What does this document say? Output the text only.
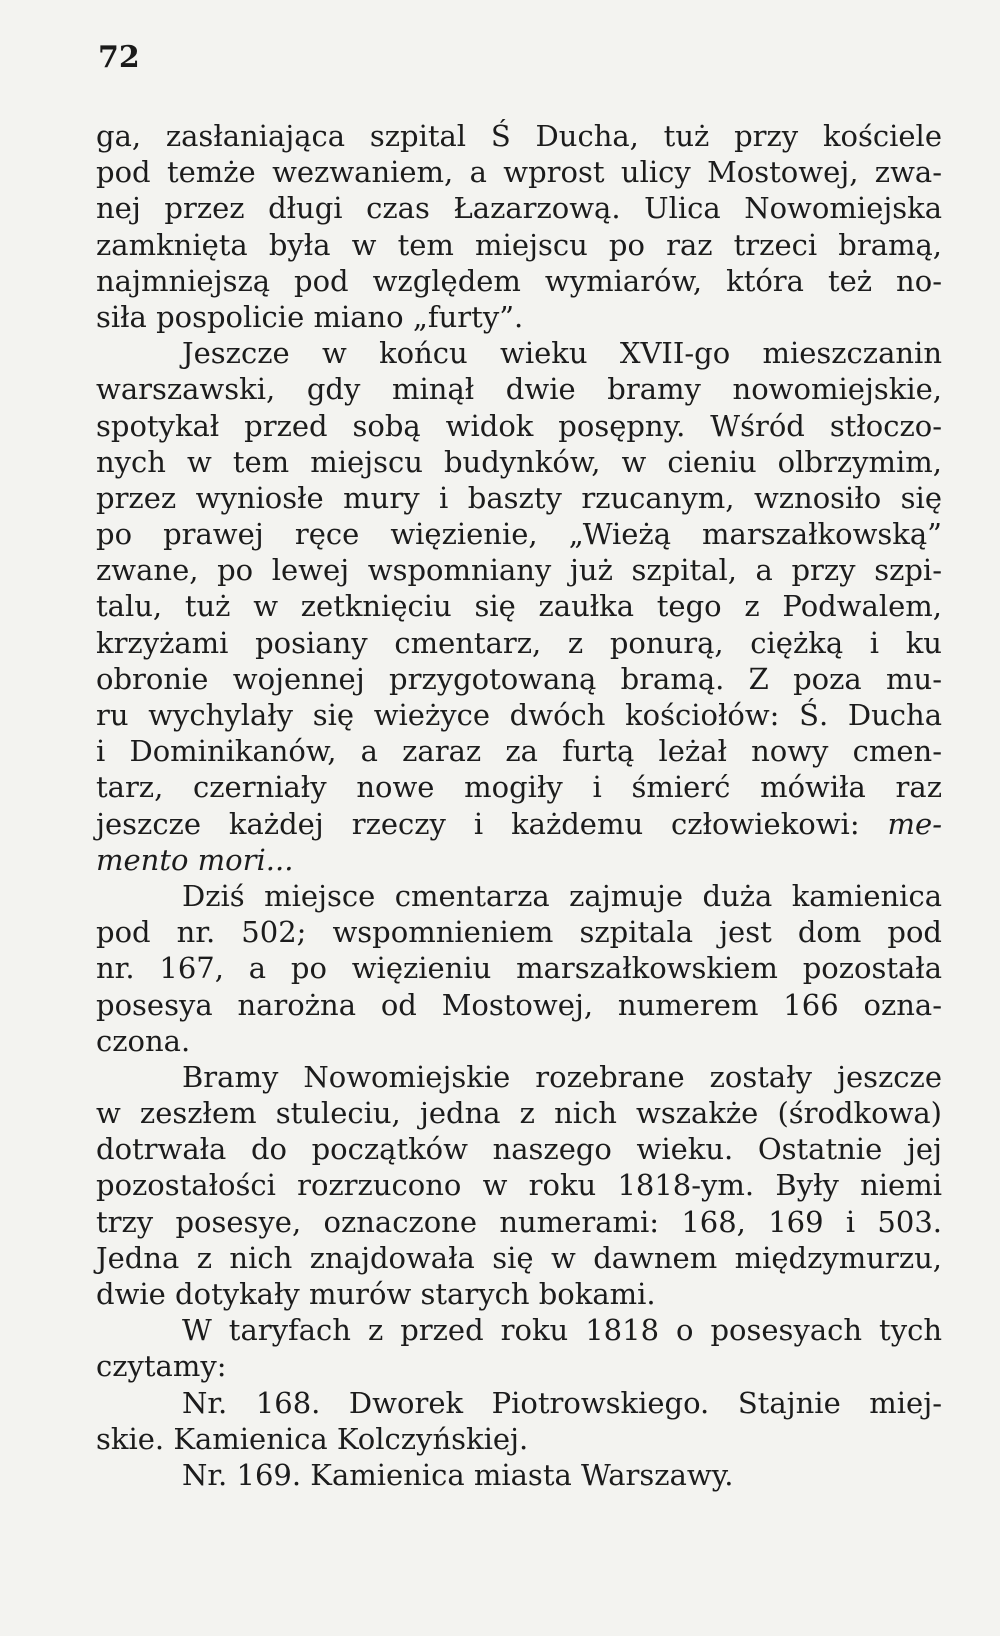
72
ga, zasłaniająca szpital Ś Ducha, tuż przy kościele
pod temże wezwaniem, a wprost ulicy Mostowej, zwa-
nej przez długi czas Łazarzową. Ulica Nowomiejska
zamknięta była w tem miejscu po raz trzeci bramą,
najmniejszą pod względem wymiarów, która też no-
siła pospolicie miano „furty”.
Jeszcze w końcu wieku XVII-go mieszczanin
warszawski, gdy minął dwie bramy nowomiejskie,
spotykał przed sobą widok posępny. Wśród stłoczo-
nych w tem miejscu budynków, w cieniu olbrzymim,
przez wyniosłe mury i baszty rzucanym, wznosiło się
po prawej ręce więzienie, „Wieżą marszałkowską”
zwane, po lewej wspomniany już szpital, a przy szpi-
talu, tuż w zetknięciu się zaułka tego z Podwalem,
krzyżami posiany cmentarz, z ponurą, ciężką i ku
obronie wojennej przygotowaną bramą. Z poza mu-
ru wychylały się wieżyce dwóch kościołów: Ś. Ducha
i Dominikanów, a zaraz za furtą leżał nowy cmen-
tarz, czerniały nowe mogiły i śmierć mówiła raz
jeszcze każdej rzeczy i każdemu człowiekowi: me-
mento mori...
Dziś miejsce cmentarza zajmuje duża kamienica
pod nr. 502; wspomnieniem szpitala jest dom pod
nr. 167, a po więzieniu marszałkowskiem pozostała
posesya narożna od Mostowej, numerem 166 ozna-
czona.
Bramy Nowomiejskie rozebrane zostały jeszcze
w zeszłem stuleciu, jedna z nich wszakże (środkowa)
dotrwała do początków naszego wieku. Ostatnie jej
pozostałości rozrzucono w roku 1818-ym. Były niemi
trzy posesye, oznaczone numerami: 168, 169 i 503.
Jedna z nich znajdowała się w dawnem międzymurzu,
dwie dotykały murów starych bokami.
W taryfach z przed roku 1818 o posesyach tych
czytamy:
Nr. 168. Dworek Piotrowskiego. Stajnie miej-
skie. Kamienica Kolczyńskiej.
Nr. 169. Kamienica miasta Warszawy.
